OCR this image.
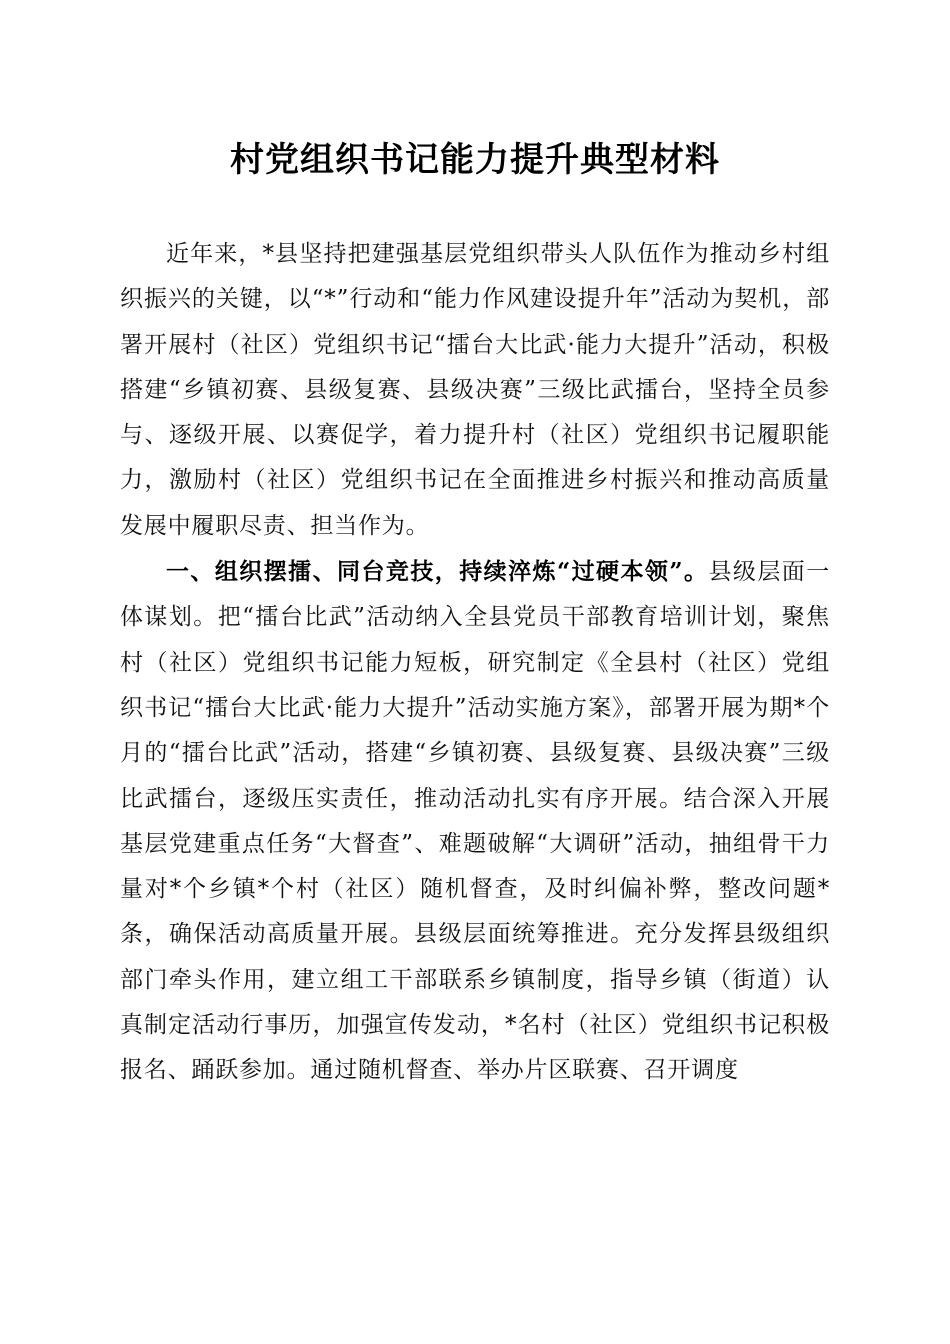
村党组织书记能力提升典型材料

近年来，*县坚持把建强基层党组织带头人队伍作为推动乡村组织振兴的关键，以“*”行动和“能力作风建设提升年”活动为契机，部署开展村（社区）党组织书记“擂台大比武·能力大提升”活动，积极搭建“乡镇初赛、县级复赛、县级决赛”三级比武擂台，坚持全员参与、逐级开展、以赛促学，着力提升村（社区）党组织书记履职能力，激励村（社区）党组织书记在全面推进乡村振兴和推动高质量发展中履职尽责、担当作为。

一、组织摆擂、同台竞技，持续淬炼“过硬本领”。县级层面一体谋划。把“擂台比武”活动纳入全县党员干部教育培训计划，聚焦村（社区）党组织书记能力短板，研究制定《全县村（社区）党组织书记“擂台大比武·能力大提升”活动实施方案》，部署开展为期*个月的“擂台比武”活动，搭建“乡镇初赛、县级复赛、县级决赛”三级比武擂台，逐级压实责任，推动活动扎实有序开展。结合深入开展基层党建重点任务“大督查”、难题破解“大调研”活动，抽组骨干力量对*个乡镇*个村（社区）随机督查，及时纠偏补弊，整改问题*条，确保活动高质量开展。县级层面统筹推进。充分发挥县级组织部门牵头作用，建立组工干部联系乡镇制度，指导乡镇（街道）认真制定活动行事历，加强宣传发动，*名村（社区）党组织书记积极报名、踊跃参加。通过随机督查、举办片区联赛、召开调度
